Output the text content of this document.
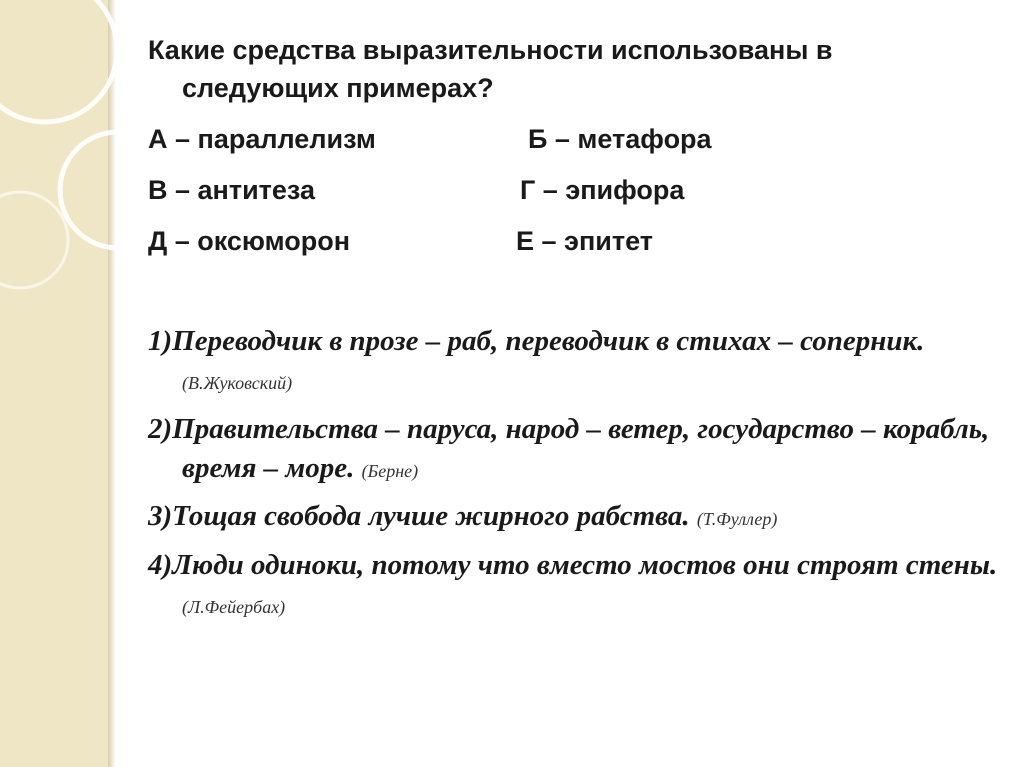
Какие средства выразительности использованы в
следующих примерах?
А – параллелизм	Б – метафора
В – антитеза	Г – эпифора
Д – оксюморон	Е – эпитет
1)Переводчик в прозе – раб, переводчик в стихах – соперник. (В.Жуковский)
2)Правительства – паруса, народ – ветер, государство – корабль, время – море. (Берне)
3)Тощая свобода лучше жирного рабства. (Т.Фуллер)
4)Люди одиноки, потому что вместо мостов они строят стены. (Л.Фейербах)
